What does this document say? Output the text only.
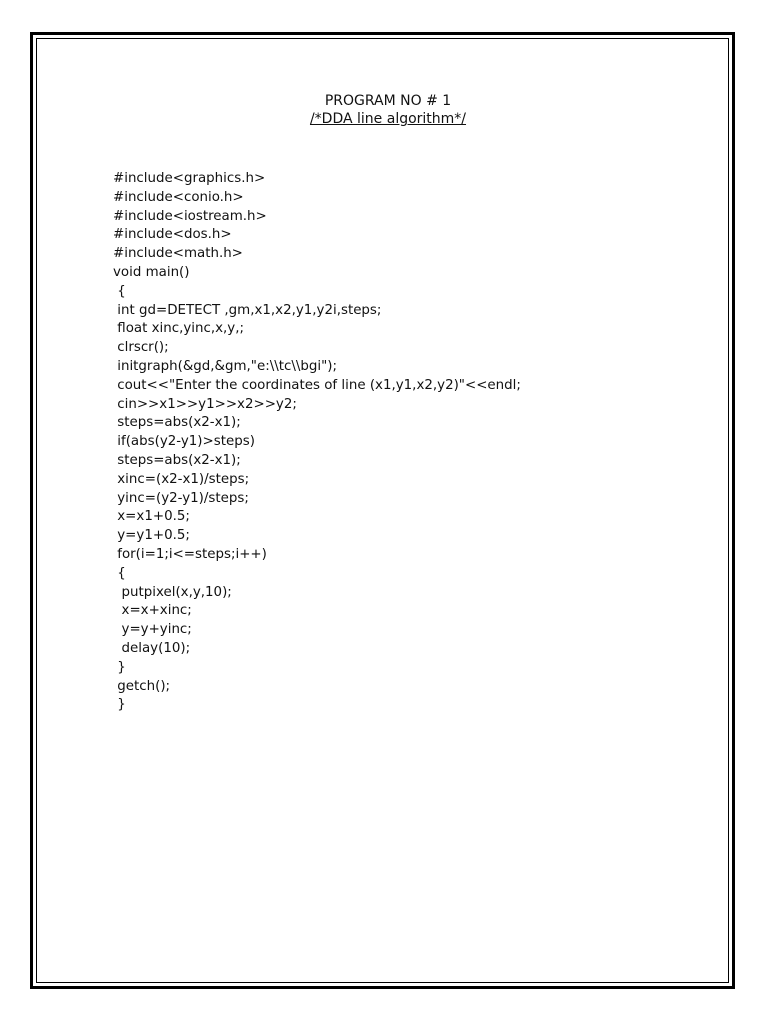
PROGRAM NO # 1
/*DDA line algorithm*/
#include<graphics.h>
#include<conio.h>
#include<iostream.h>
#include<dos.h>
#include<math.h>
void main()
{
int gd=DETECT ,gm,x1,x2,y1,y2i,steps;
float xinc,yinc,x,y,;
clrscr();
initgraph(&gd,&gm,"e:\\tc\\bgi");
cout<<"Enter the coordinates of line (x1,y1,x2,y2)"<<endl;
cin>>x1>>y1>>x2>>y2;
steps=abs(x2-x1);
if(abs(y2-y1)>steps)
steps=abs(x2-x1);
xinc=(x2-x1)/steps;
yinc=(y2-y1)/steps;
x=x1+0.5;
y=y1+0.5;
for(i=1;i<=steps;i++)
{
putpixel(x,y,10);
x=x+xinc;
y=y+yinc;
delay(10);
}
getch();
}
